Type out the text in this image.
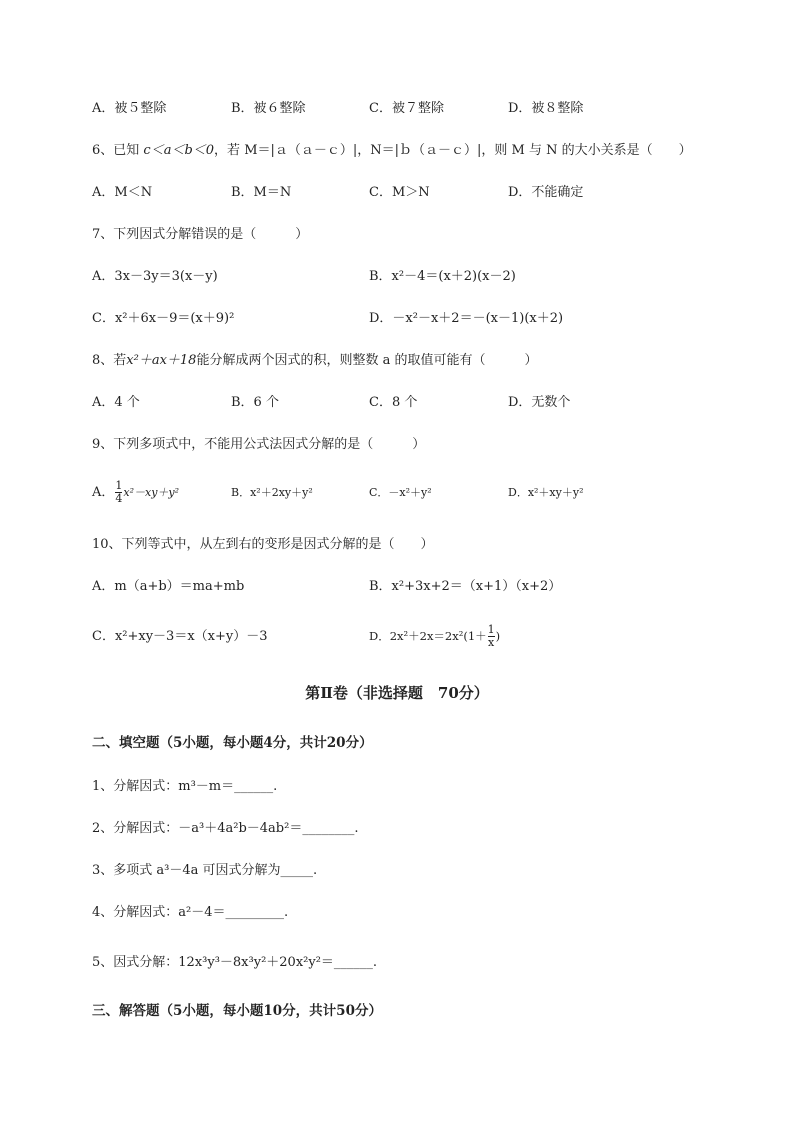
A．被５整除	B．被６整除	C．被７整除	D．被８整除
6、已知 c＜a＜b＜0，若 M＝|ａ（ａ－ｃ）|，N＝|ｂ（ａ－ｃ）|，则 M 与 N 的大小关系是（　　）
A．M＜N	B．M＝N	C．M＞N	D．不能确定
7、下列因式分解错误的是（　　　）
A．3x－3y＝3(x－y)	B．x²－4＝(x＋2)(x－2)
C．x²＋6x－9＝(x＋9)²	D．－x²－x＋2＝－(x－1)(x＋2)
8、若x²＋ax＋18能分解成两个因式的积，则整数 a 的取值可能有（　　　）
A．4 个	B．6 个	C．8 个	D．无数个
9、下列多项式中，不能用公式法因式分解的是（　　　）
A． $\frac{1}{4} x^2-xy+y^2$	B．x²＋2xy＋y²	C．－x²＋y²	D．x²＋xy＋y²
10、下列等式中，从左到右的变形是因式分解的是（　　）
A．m（a+b）＝ma+mb	B．x²+3x+2＝（x+1）（x+2）
C．x²+xy－3＝x（x+y）－3	D．$2x^2+2x=2x^2(1+ \frac{1}{x}$ )
第Ⅱ卷（非选择题　70分）
二、填空题（5小题，每小题4分，共计20分）
1、分解因式：m³－m＝______.
2、分解因式：－a³＋4a²b－4ab²＝________.
3、多项式 a³－4a 可因式分解为_____.
4、分解因式：a²－4＝_________.
5、因式分解：12x³y³－8x³y²＋20x²y²＝______.
三、解答题（5小题，每小题10分，共计50分）
